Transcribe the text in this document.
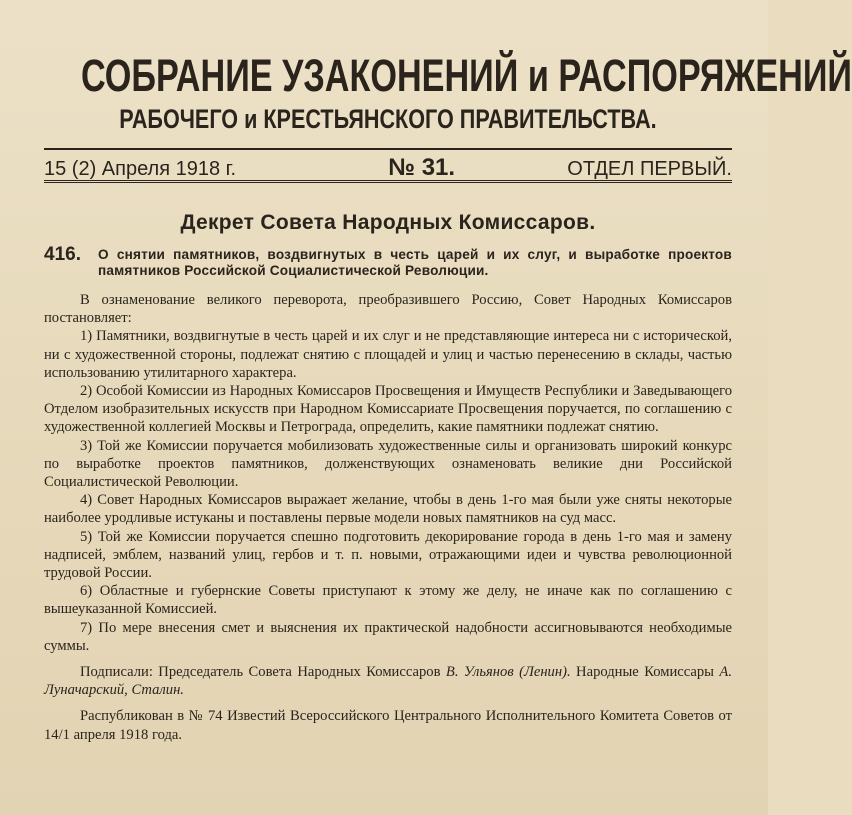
СОБРАНИЕ УЗАКОНЕНИЙ и РАСПОРЯЖЕНИЙ
РАБОЧЕГО и КРЕСТЬЯНСКОГО ПРАВИТЕЛЬСТВА.
15 (2) Апреля 1918 г.	№ 31.	ОТДЕЛ ПЕРВЫЙ.
Декрет Совета Народных Комиссаров.
416.	О снятии памятников, воздвигнутых в честь царей и их слуг, и выработке проектов памятников Российской Социалистической Революции.

В ознаменование великого переворота, преобразившего Россию, Совет Народных Комиссаров постановляет:

1) Памятники, воздвигнутые в честь царей и их слуг и не представляющие интереса ни с исторической, ни с художественной стороны, подлежат снятию с площадей и улиц и частью перенесению в склады, частью использованию утилитарного характера.

2) Особой Комиссии из Народных Комиссаров Просвещения и Имуществ Республики и Заведывающего Отделом изобразительных искусств при Народном Комиссариате Просвещения поручается, по соглашению с художественной коллегией Москвы и Петрограда, определить, какие памятники подлежат снятию.

3) Той же Комиссии поручается мобилизовать художественные силы и организовать широкий конкурс по выработке проектов памятников, долженствующих ознаменовать великие дни Российской Социалистической Революции.

4) Совет Народных Комиссаров выражает желание, чтобы в день 1-го мая были уже сняты некоторые наиболее уродливые истуканы и поставлены первые модели новых памятников на суд масс.

5) Той же Комиссии поручается спешно подготовить декорирование города в день 1-го мая и замену надписей, эмблем, названий улиц, гербов и т. п. новыми, отражающими идеи и чувства революционной трудовой России.

6) Областные и губернские Советы приступают к этому же делу, не иначе как по соглашению с вышеуказанной Комиссией.

7) По мере внесения смет и выяснения их практической надобности ассигновываются необходимые суммы.

Подписали: Председатель Совета Народных Комиссаров В. Ульянов (Ленин). Народные Комиссары А. Луначарский, Сталин.

Распубликован в № 74 Известий Всероссийского Центрального Исполнительного Комитета Советов от 14/1 апреля 1918 года.
